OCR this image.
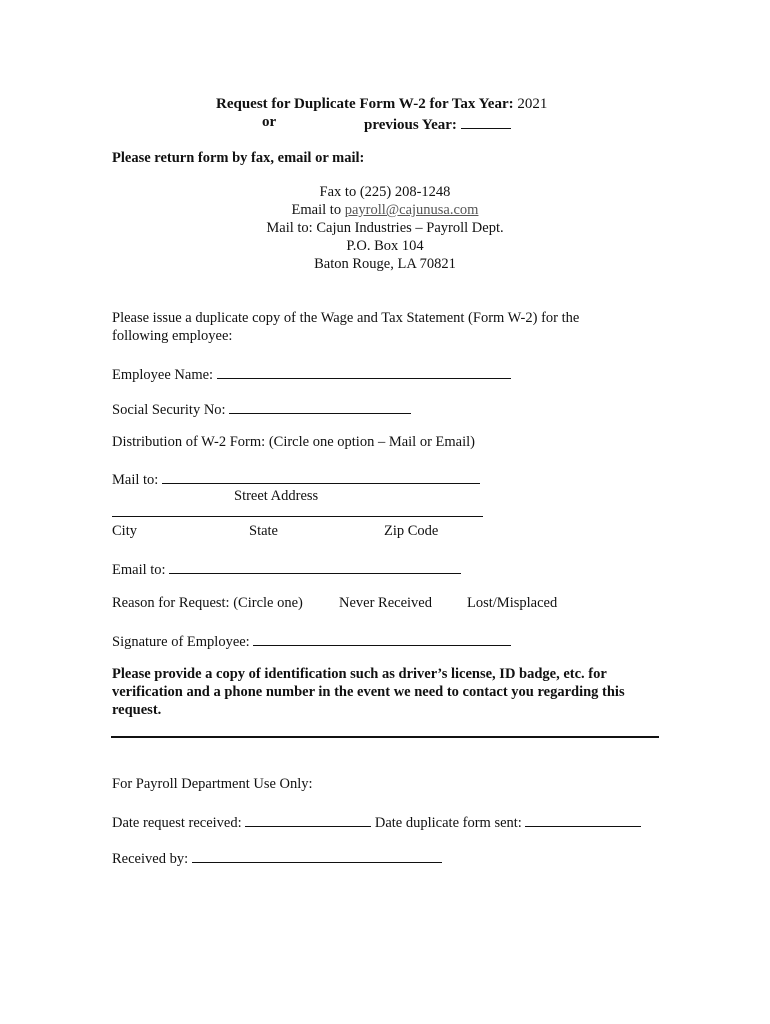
Request for Duplicate Form W-2 for Tax Year: 2021
or	previous Year:
Please return form by fax, email or mail:
Fax to (225) 208-1248
Email to payroll@cajunusa.com
Mail to: Cajun Industries – Payroll Dept.
P.O. Box 104
Baton Rouge, LA 70821
Please issue a duplicate copy of the Wage and Tax Statement (Form W-2) for the
following employee:
Employee Name:
Social Security No:
Distribution of W-2 Form: (Circle one option – Mail or Email)
Mail to:
Street Address
City	State	Zip Code
Email to:
Reason for Request: (Circle one) Never Received Lost/Misplaced
Signature of Employee:
Please provide a copy of identification such as driver’s license, ID badge, etc. for
verification and a phone number in the event we need to contact you regarding this
request.
For Payroll Department Use Only:
Date request received:	Date duplicate form sent:
Received by:
